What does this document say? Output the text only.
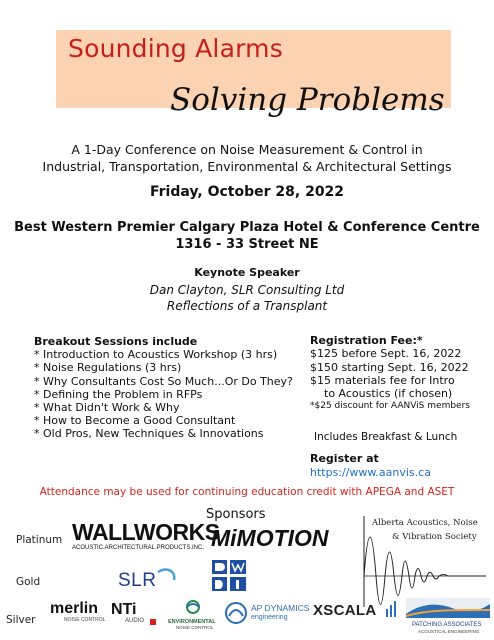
Sounding Alarms
Solving Problems
A 1-Day Conference on Noise Measurement & Control in
Industrial, Transportation, Environmental & Architectural Settings
Friday, October 28, 2022
Best Western Premier Calgary Plaza Hotel & Conference Centre
1316 - 33 Street NE
Keynote Speaker
Dan Clayton, SLR Consulting Ltd
Reflections of a Transplant
Breakout Sessions include
* Introduction to Acoustics Workshop (3 hrs)
* Noise Regulations (3 hrs)
* Why Consultants Cost So Much...Or Do They?
* Defining the Problem in RFPs
* What Didn't Work & Why
* How to Become a Good Consultant
* Old Pros, New Techniques & Innovations
Registration Fee:*
$125 before Sept. 16, 2022
$150 starting Sept. 16, 2022
$15 materials fee for Intro
to Acoustics (if chosen)
*$25 discount for AANViS members
Includes Breakfast & Lunch
Register at
https://www.aanvis.ca
Attendance may be used for continuing education credit with APEGA and ASET
Sponsors
Platinum
Gold
Silver
WALLWORKS
ACOUSTIC.ARCHITECTURAL.PRODUCTS.INC. MiMOTION
Alberta Acoustics, Noise
& Vibration Society
SLR
merlin
NOISE CONTROL
NTi
AUDIO	ENVIRONMENTAL
NOISE CONTROL
AP DYNAMICS
engineering XSCALA
PATCHING ASSOCIATES
ACOUSTICAL ENGINEERING
